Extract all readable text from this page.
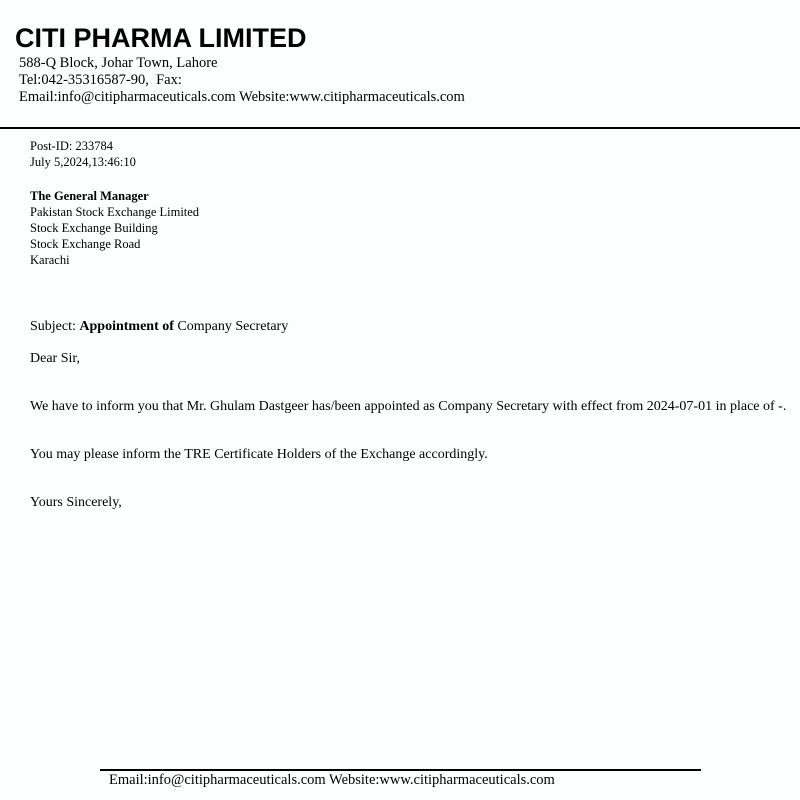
CITI PHARMA LIMITED
588-Q Block, Johar Town, Lahore
Tel:042-35316587-90,  Fax:
Email:info@citipharmaceuticals.com Website:www.citipharmaceuticals.com
Post-ID: 233784
July 5,2024,13:46:10
The General Manager
Pakistan Stock Exchange Limited
Stock Exchange Building
Stock Exchange Road
Karachi
Subject: Appointment of Company Secretary
Dear Sir,
We have to inform you that Mr. Ghulam Dastgeer has/been appointed as Company Secretary with effect from 2024-07-01 in place of -.
You may please inform the TRE Certificate Holders of the Exchange accordingly.
Yours Sincerely,
Email:info@citipharmaceuticals.com Website:www.citipharmaceuticals.com
